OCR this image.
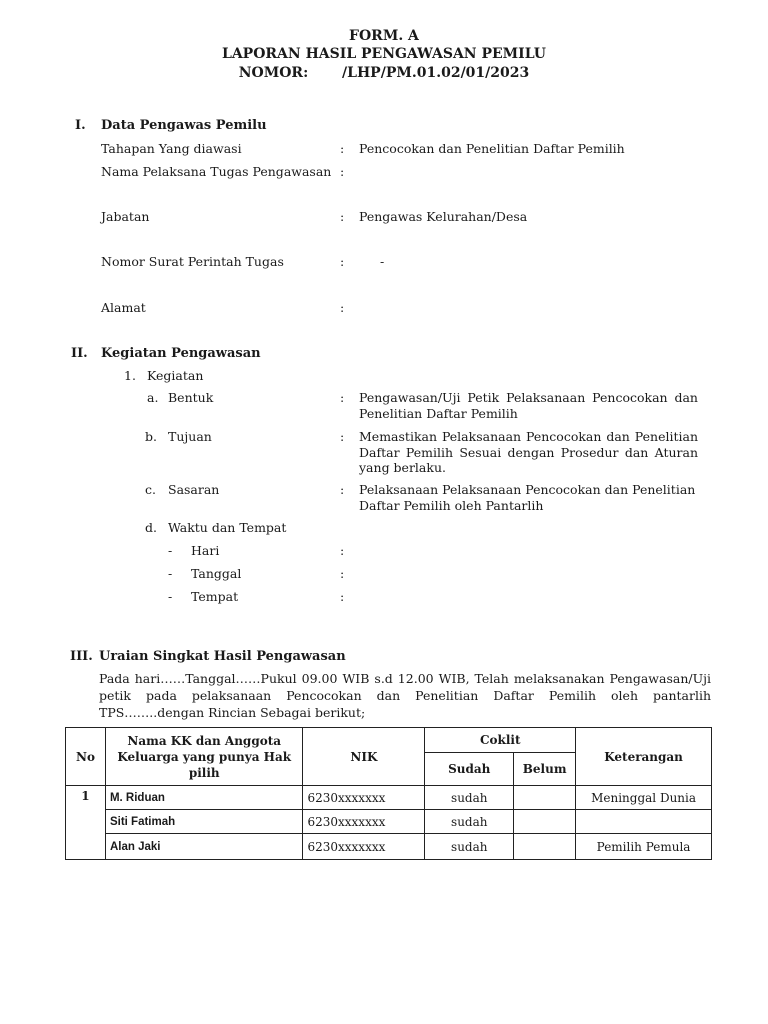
FORM. A
LAPORAN HASIL PENGAWASAN PEMILU
NOMOR: /LHP/PM.01.02/01/2023
I. Data Pengawas Pemilu
Tahapan Yang diawasi	: Pencocokan dan Penelitian Daftar Pemilih
Nama Pelaksana Tugas Pengawasan :
Jabatan	: Pengawas Kelurahan/Desa
Nomor Surat Perintah Tugas	:	-
Alamat	:
II. Kegiatan Pengawasan
1. Kegiatan
a. Bentuk	: Pengawasan/Uji Petik Pelaksanaan Pencocokan dan Penelitian Daftar Pemilih
b. Tujuan	: Memastikan Pelaksanaan Pencocokan dan Penelitian Daftar Pemilih Sesuai dengan Prosedur dan Aturan yang berlaku.
c. Sasaran	: Pelaksanaan Pelaksanaan Pencocokan dan Penelitian Daftar Pemilih oleh Pantarlih
d. Waktu dan Tempat
- Hari	:
- Tanggal	:
- Tempat	:
III. Uraian Singkat Hasil Pengawasan
Pada hari……Tanggal……Pukul 09.00 WIB s.d 12.00 WIB, Telah melaksanakan Pengawasan/Uji petik pada pelaksanaan Pencocokan dan Penelitian Daftar Pemilih oleh pantarlih TPS……..dengan Rincian Sebagai berikut;
No	Nama KK dan Anggota Keluarga yang punya Hak pilih	NIK	Coklit		Keterangan
			Sudah	Belum	
1	M. Riduan	6230xxxxxxx	sudah		Meninggal Dunia
	Siti Fatimah	6230xxxxxxx	sudah		
	Alan Jaki	6230xxxxxxx	sudah		Pemilih Pemula
